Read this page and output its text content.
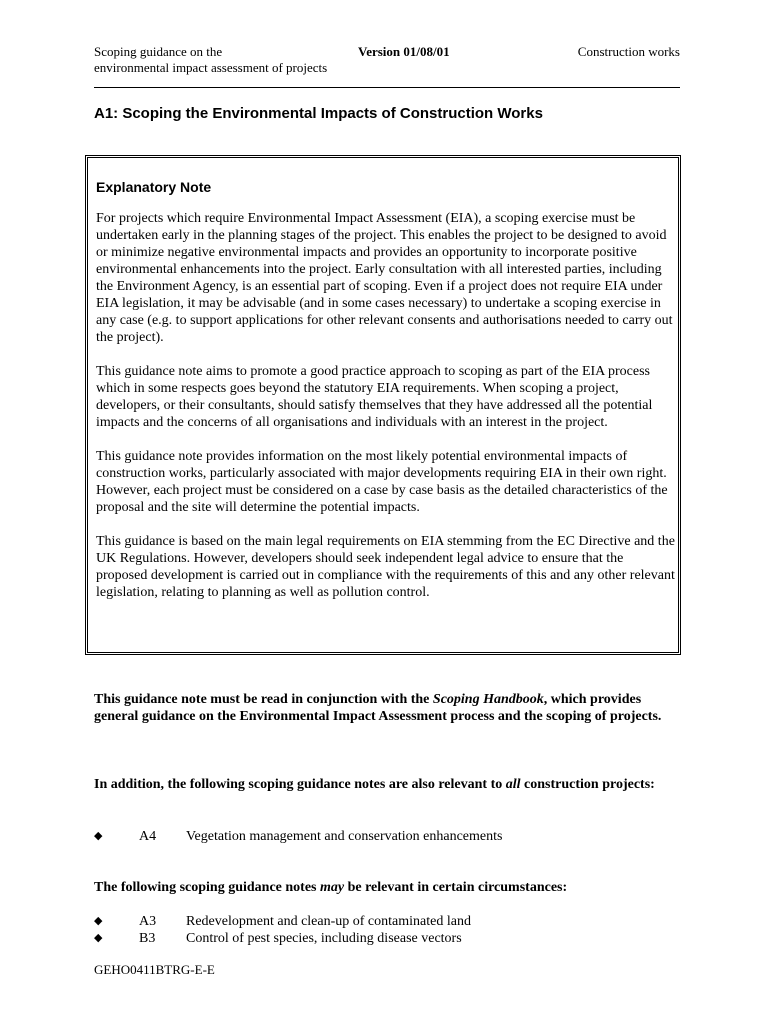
Scoping guidance on the
environmental impact assessment of projects
Version 01/08/01	Construction works
A1: Scoping the Environmental Impacts of Construction Works
Explanatory Note

For projects which require Environmental Impact Assessment (EIA), a scoping exercise must be undertaken early in the planning stages of the project. This enables the project to be designed to avoid or minimize negative environmental impacts and provides an opportunity to incorporate positive environmental enhancements into the project. Early consultation with all interested parties, including the Environment Agency, is an essential part of scoping. Even if a project does not require EIA under EIA legislation, it may be advisable (and in some cases necessary) to undertake a scoping exercise in any case (e.g. to support applications for other relevant consents and authorisations needed to carry out the project).

This guidance note aims to promote a good practice approach to scoping as part of the EIA process which in some respects goes beyond the statutory EIA requirements. When scoping a project, developers, or their consultants, should satisfy themselves that they have addressed all the potential impacts and the concerns of all organisations and individuals with an interest in the project.

This guidance note provides information on the most likely potential environmental impacts of construction works, particularly associated with major developments requiring EIA in their own right. However, each project must be considered on a case by case basis as the detailed characteristics of the proposal and the site will determine the potential impacts.

This guidance is based on the main legal requirements on EIA stemming from the EC Directive and the UK Regulations. However, developers should seek independent legal advice to ensure that the proposed development is carried out in compliance with the requirements of this and any other relevant legislation, relating to planning as well as pollution control.

This guidance note must be read in conjunction with the Scoping Handbook, which provides general guidance on the Environmental Impact Assessment process and the scoping of projects.

In addition, the following scoping guidance notes are also relevant to all construction projects:

◆	A4 Vegetation management and conservation enhancements

The following scoping guidance notes may be relevant in certain circumstances:

◆	A3 Redevelopment and clean-up of contaminated land
◆	B3 Control of pest species, including disease vectors
GEHO0411BTRG-E-E
